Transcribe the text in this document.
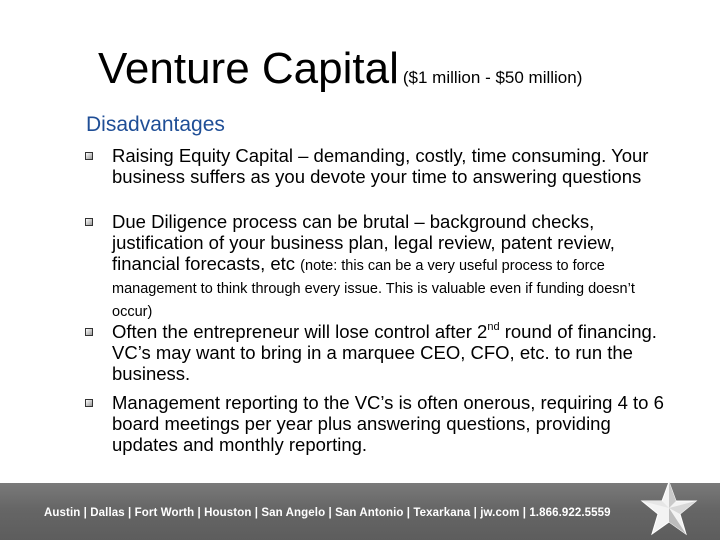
Venture Capital ($1 million - $50 million)
Disadvantages
Raising Equity Capital – demanding, costly, time consuming. Your business suffers as you devote your time to answering questions
Due Diligence process can be brutal – background checks, justification of your business plan, legal review, patent review, financial forecasts, etc (note: this can be a very useful process to force management to think through every issue. This is valuable even if funding doesn’t occur)
Often the entrepreneur will lose control after 2nd round of financing. VC’s may want to bring in a marquee CEO, CFO, etc. to run the business.
Management reporting to the VC’s is often onerous, requiring 4 to 6 board meetings per year plus answering questions, providing updates and monthly reporting.
Austin | Dallas | Fort Worth | Houston | San Angelo | San Antonio | Texarkana | jw.com | 1.866.922.5559
